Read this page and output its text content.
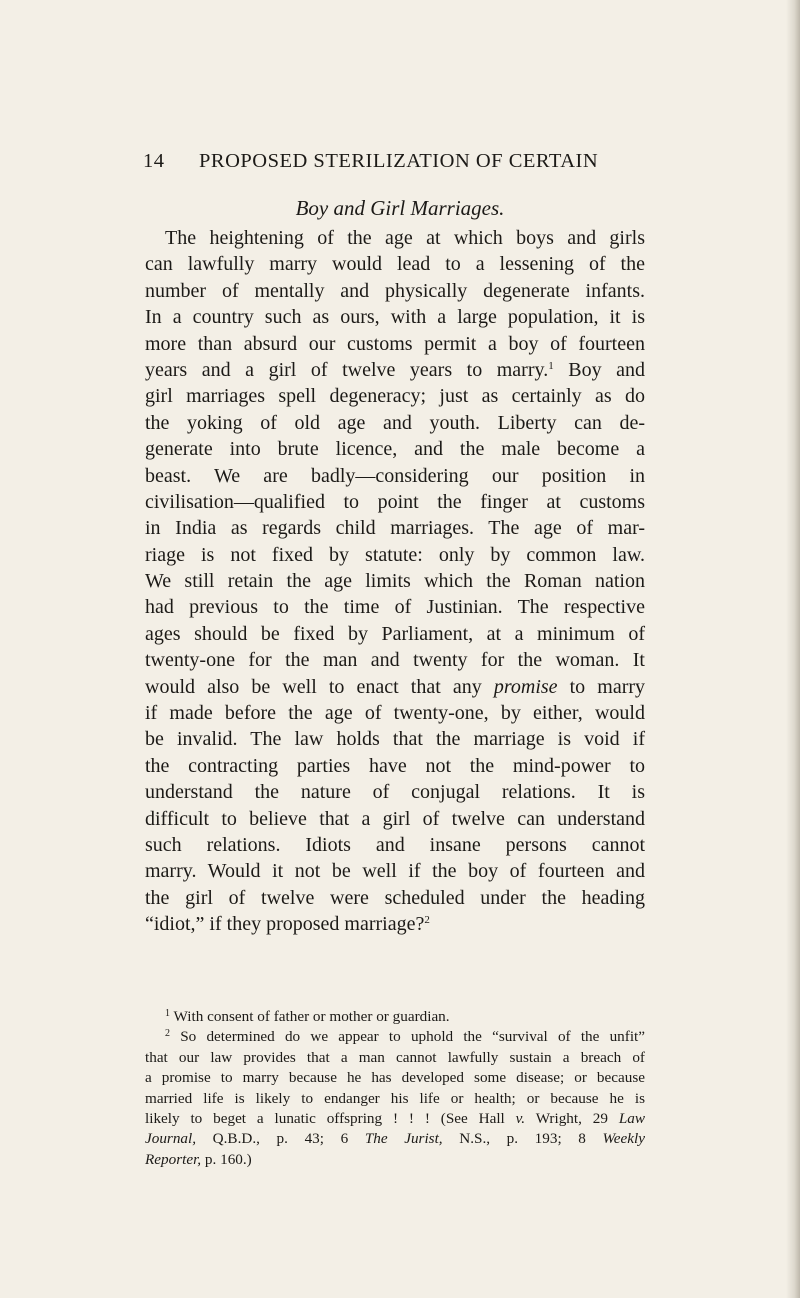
14 PROPOSED STERILIZATION OF CERTAIN
Boy and Girl Marriages.
The heightening of the age at which boys and girls
can lawfully marry would lead to a lessening of the
number of mentally and physically degenerate infants.
In a country such as ours, with a large population, it is
more than absurd our customs permit a boy of fourteen
years and a girl of twelve years to marry.$^1$ Boy and
girl marriages spell degeneracy; just as certainly as do
the yoking of old age and youth. Liberty can de-
generate into brute licence, and the male become a
beast. We are badly—considering our position in
civilisation—qualified to point the finger at customs
in India as regards child marriages. The age of mar-
riage is not fixed by statute: only by common law.
We still retain the age limits which the Roman nation
had previous to the time of Justinian. The respective
ages should be fixed by Parliament, at a minimum of
twenty-one for the man and twenty for the woman. It
would also be well to enact that any promise to marry
if made before the age of twenty-one, by either, would
be invalid. The law holds that the marriage is void if
the contracting parties have not the mind-power to
understand the nature of conjugal relations. It is
difficult to believe that a girl of twelve can understand
such relations. Idiots and insane persons cannot
marry. Would it not be well if the boy of fourteen and
the girl of twelve were scheduled under the heading
“idiot,” if they proposed marriage?$^2$
$^1$ With consent of father or mother or guardian.
$^2$ So determined do we appear to uphold the “survival of the unfit”
that our law provides that a man cannot lawfully sustain a breach of
a promise to marry because he has developed some disease; or because
married life is likely to endanger his life or health; or because he is
likely to beget a lunatic offspring ! ! ! (See Hall v. Wright, 29 Law
Journal, Q.B.D., p. 43; 6 The Jurist, N.S., p. 193; 8 Weekly
Reporter, p. 160.)
